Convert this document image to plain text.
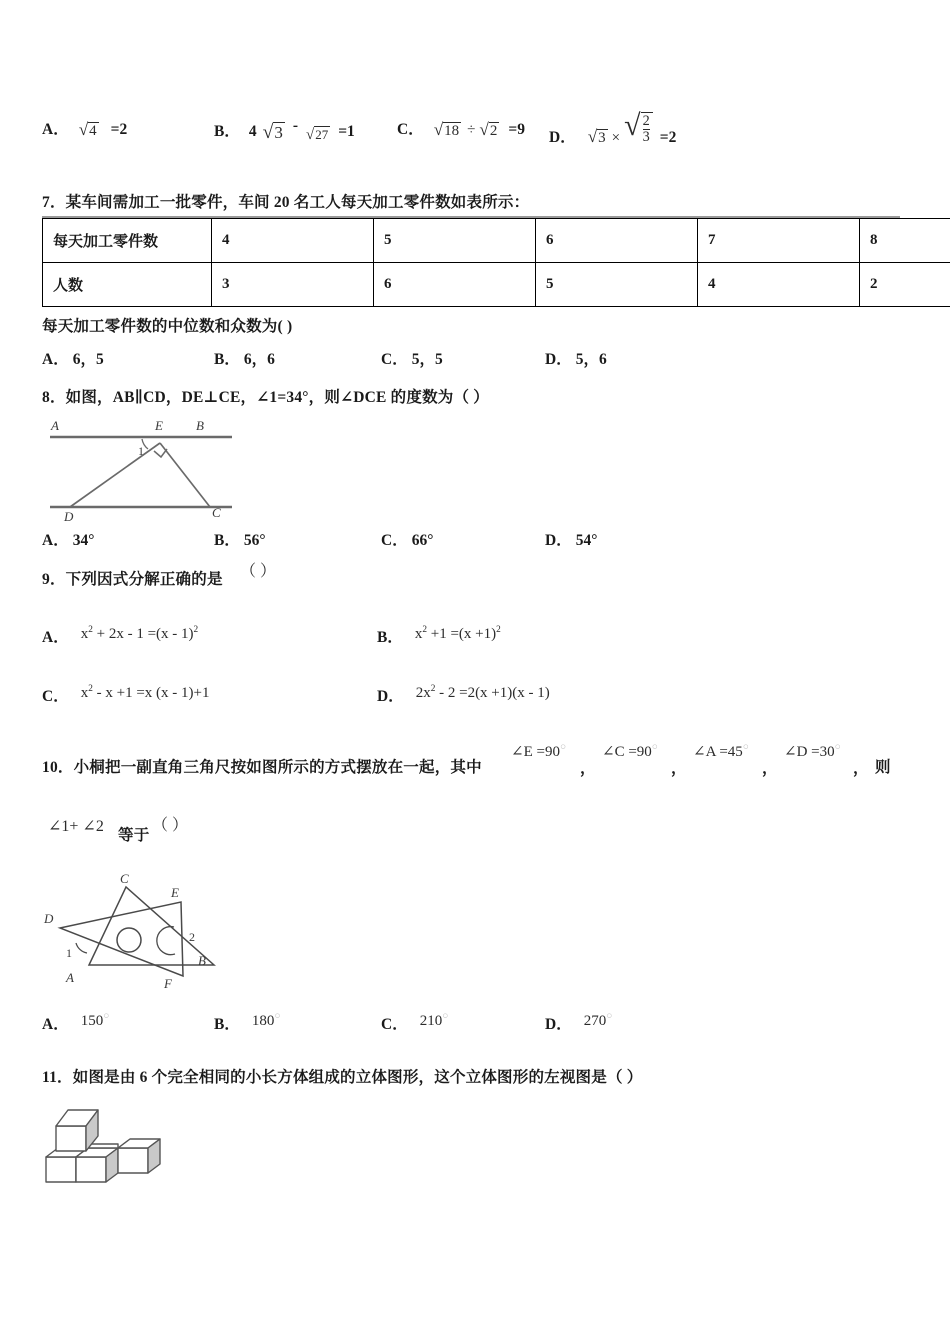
A． √4 =2	B． 4 √3 - √27 =1	C． √18 ÷ √2 =9 D． √3 × √ $\frac{2}{3} =2$
7．某车间需加工一批零件，车间 20 名工人每天加工零件数如表所示：
每天加工零件数	4	5	6	7	8
人数	3	6	5	4	2
每天加工零件数的中位数和众数为( )
A． 6，5	B． 6，6	C． 5，5	D． 5，6
8．如图，AB∥CD，DE⊥CE，∠1=34°，则∠DCE 的度数为（ ）
A	E	B
1
D	C
A． 34°	B． 56°	C． 66°	D． 54°
9．下列因式分解正确的是 （ ）
A． $x^2 + 2x - 1 =(x - 1)^2$	B． $x^2 +1 =(x +1)^2$
C． $x^2 - x +1 =x$ (x - 1)+1	D． $2x^2 - 2 =2(x +1)(x - 1)$
10．小桐把一副直角三角尺按如图所示的方式摆放在一起，其中
∠E =90○
，
∠C =90○
，
∠A =45○
，
∠D =30○
， 则
∠1+ ∠2
等于
（ ）
C
E
D
1
2
A
B
F
A． 150○	B． 180○	C． 210○	D． 270○
11．如图是由 6 个完全相同的小长方体组成的立体图形，这个立体图形的左视图是（ ）
